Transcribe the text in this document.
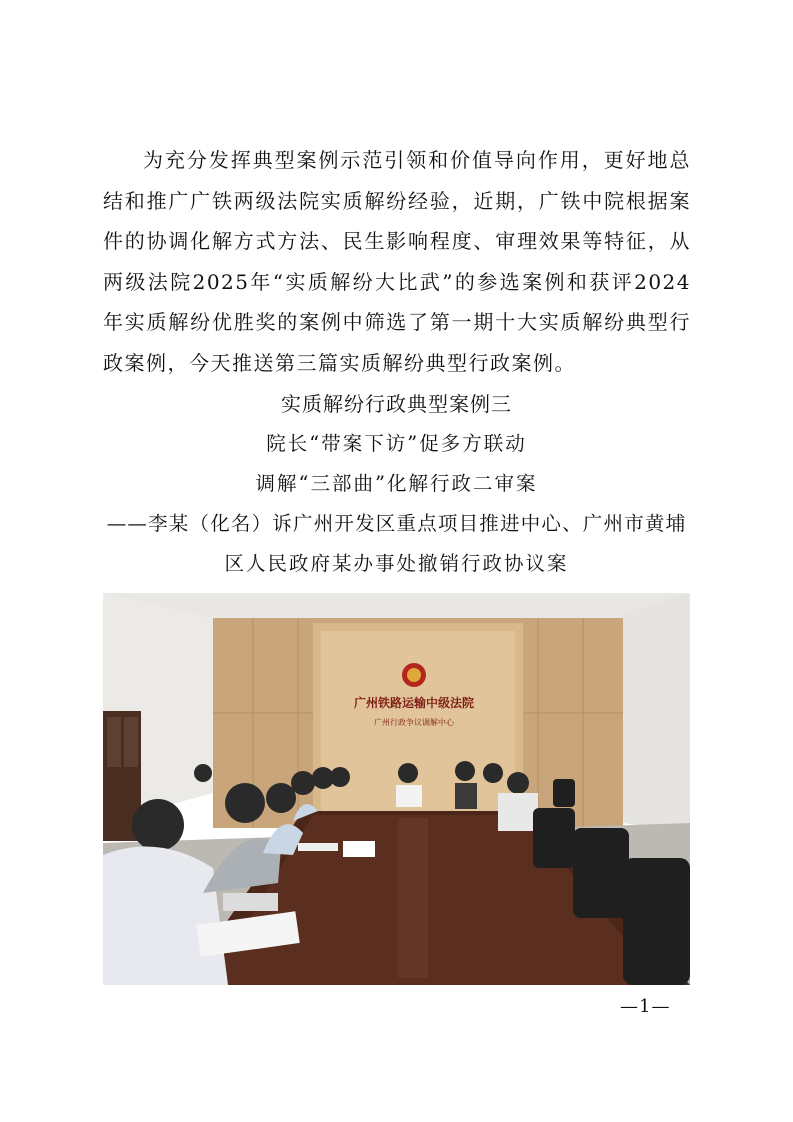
为充分发挥典型案例示范引领和价值导向作用，更好地总结和推广广铁两级法院实质解纷经验，近期，广铁中院根据案件的协调化解方式方法、民生影响程度、审理效果等特征，从两级法院2025年“实质解纷大比武”的参选案例和获评2024年实质解纷优胜奖的案例中筛选了第一期十大实质解纷典型行政案例，今天推送第三篇实质解纷典型行政案例。

实质解纷行政典型案例三

院长“带案下访”促多方联动

调解“三部曲”化解行政二审案

——李某（化名）诉广州开发区重点项目推进中心、广州市黄埔

区人民政府某办事处撤销行政协议案

广州铁路运输中级法院
广州行政争议调解中心
—1—
